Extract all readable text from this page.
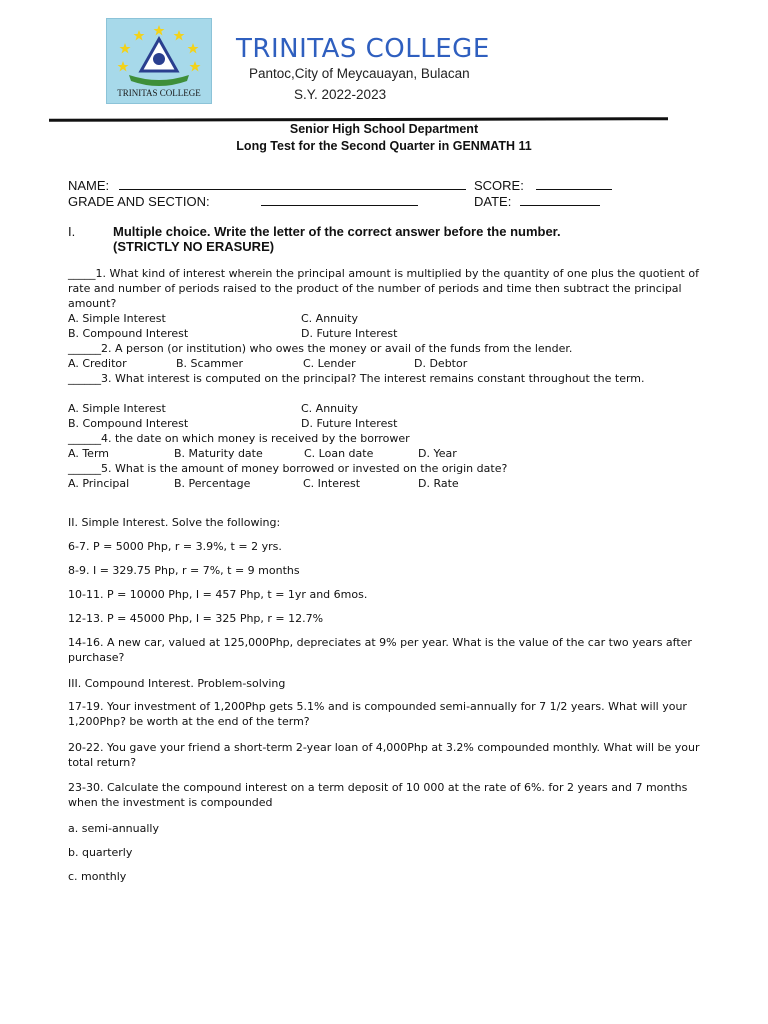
TRINITAS COLLEGE
TRINITAS COLLEGE
Pantoc,City of Meycauayan, Bulacan
S.Y. 2022-2023
Senior High School Department
Long Test for the Second Quarter in GENMATH 11
NAME:	SCORE:
GRADE AND SECTION:	DATE:
I.	Multiple choice. Write the letter of the correct answer before the number.
(STRICTLY NO ERASURE)
_____1. What kind of interest wherein the principal amount is multiplied by the quantity of one plus the quotient of rate and number of periods raised to the product of the number of periods and time then subtract the principal amount?
A. Simple Interest	C. Annuity
B. Compound Interest	D. Future Interest
______2. A person (or institution) who owes the money or avail of the funds from the lender.
A. Creditor	B. Scammer	C. Lender	D. Debtor
______3. What interest is computed on the principal? The interest remains constant throughout the term.
A. Simple Interest	C. Annuity
B. Compound Interest	D. Future Interest
______4. the date on which money is received by the borrower
A. Term	B. Maturity date	C. Loan date	D. Year
______5. What is the amount of money borrowed or invested on the origin date?
A. Principal	B. Percentage	C. Interest	D. Rate
II. Simple Interest. Solve the following:
6-7. P = 5000 Php, r = 3.9%, t = 2 yrs.
8-9. I = 329.75 Php, r = 7%, t = 9 months
10-11. P = 10000 Php, I = 457 Php, t = 1yr and 6mos.
12-13. P = 45000 Php, I = 325 Php, r = 12.7%
14-16. A new car, valued at 125,000Php, depreciates at 9% per year. What is the value of the car two years after purchase?
III. Compound Interest. Problem-solving
17-19. Your investment of 1,200Php gets 5.1% and is compounded semi-annually for 7 1/2 years. What will your 1,200Php? be worth at the end of the term?
20-22. You gave your friend a short-term 2-year loan of 4,000Php at 3.2% compounded monthly. What will be your total return?
23-30. Calculate the compound interest on a term deposit of 10 000 at the rate of 6%. for 2 years and 7 months when the investment is compounded
a. semi-annually
b. quarterly
c. monthly
